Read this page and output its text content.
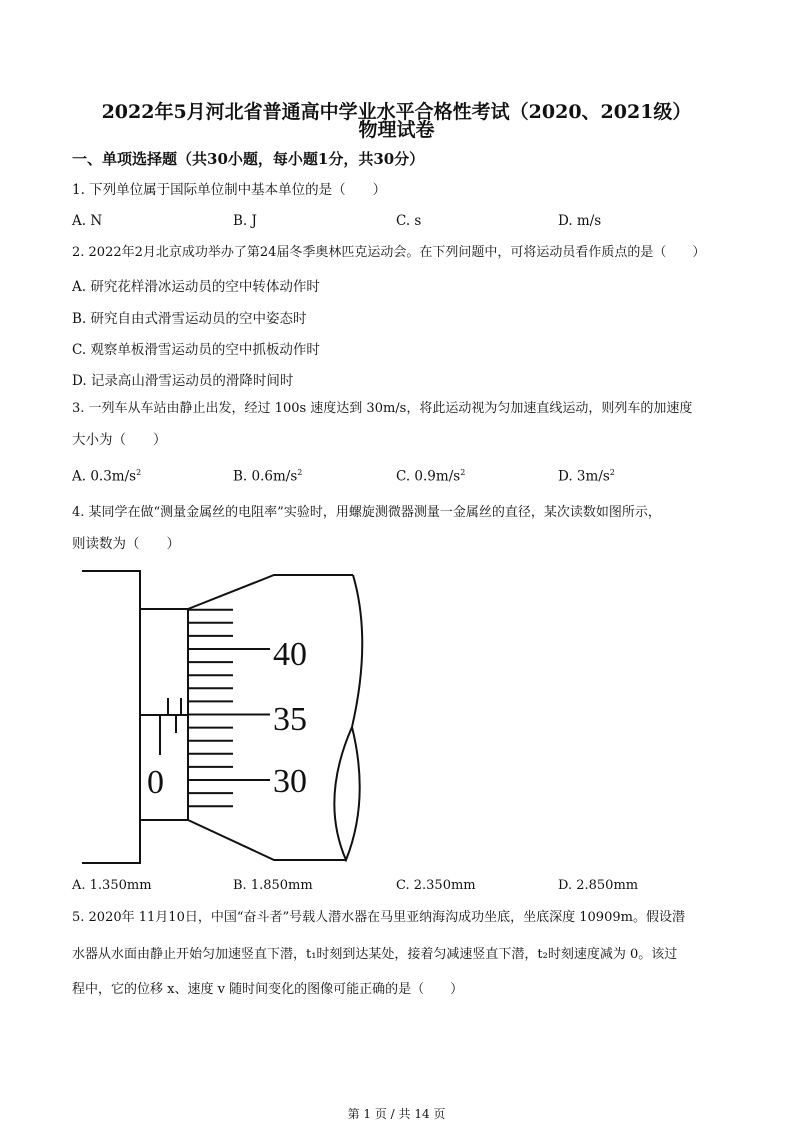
2022年5月河北省普通高中学业水平合格性考试（2020、2021级）
物理试卷
一、单项选择题（共30小题，每小题1分，共30分）
1. 下列单位属于国际单位制中基本单位的是（　　）
A. N	B. J	C. s	D. m/s
2. 2022年2月北京成功举办了第24届冬季奥林匹克运动会。在下列问题中，可将运动员看作质点的是（　　）
A. 研究花样滑冰运动员的空中转体动作时
B. 研究自由式滑雪运动员的空中姿态时
C. 观察单板滑雪运动员的空中抓板动作时
D. 记录高山滑雪运动员的滑降时间时
3. 一列车从车站由静止出发，经过 100s 速度达到 30m/s，将此运动视为匀加速直线运动，则列车的加速度
大小为（　　）
A. $0.3m/s^2$	B. $0.6m/s^2$	C. $0.9m/s^2$	D. $3m/s^2$
4. 某同学在做“测量金属丝的电阻率”实验时，用螺旋测微器测量一金属丝的直径，某次读数如图所示，
则读数为（　　）
40
35
30
0
A. 1.350mm	B. 1.850mm	C. 2.350mm	D. 2.850mm
5. 2020年 11月10日，中国“奋斗者”号载人潜水器在马里亚纳海沟成功坐底，坐底深度 10909m。假设潜
水器从水面由静止开始匀加速竖直下潜，t₁时刻到达某处，接着匀减速竖直下潜，t₂时刻速度减为 0。该过
程中，它的位移 x、速度 v 随时间变化的图像可能正确的是（　　）
第 1 页 / 共 14 页
